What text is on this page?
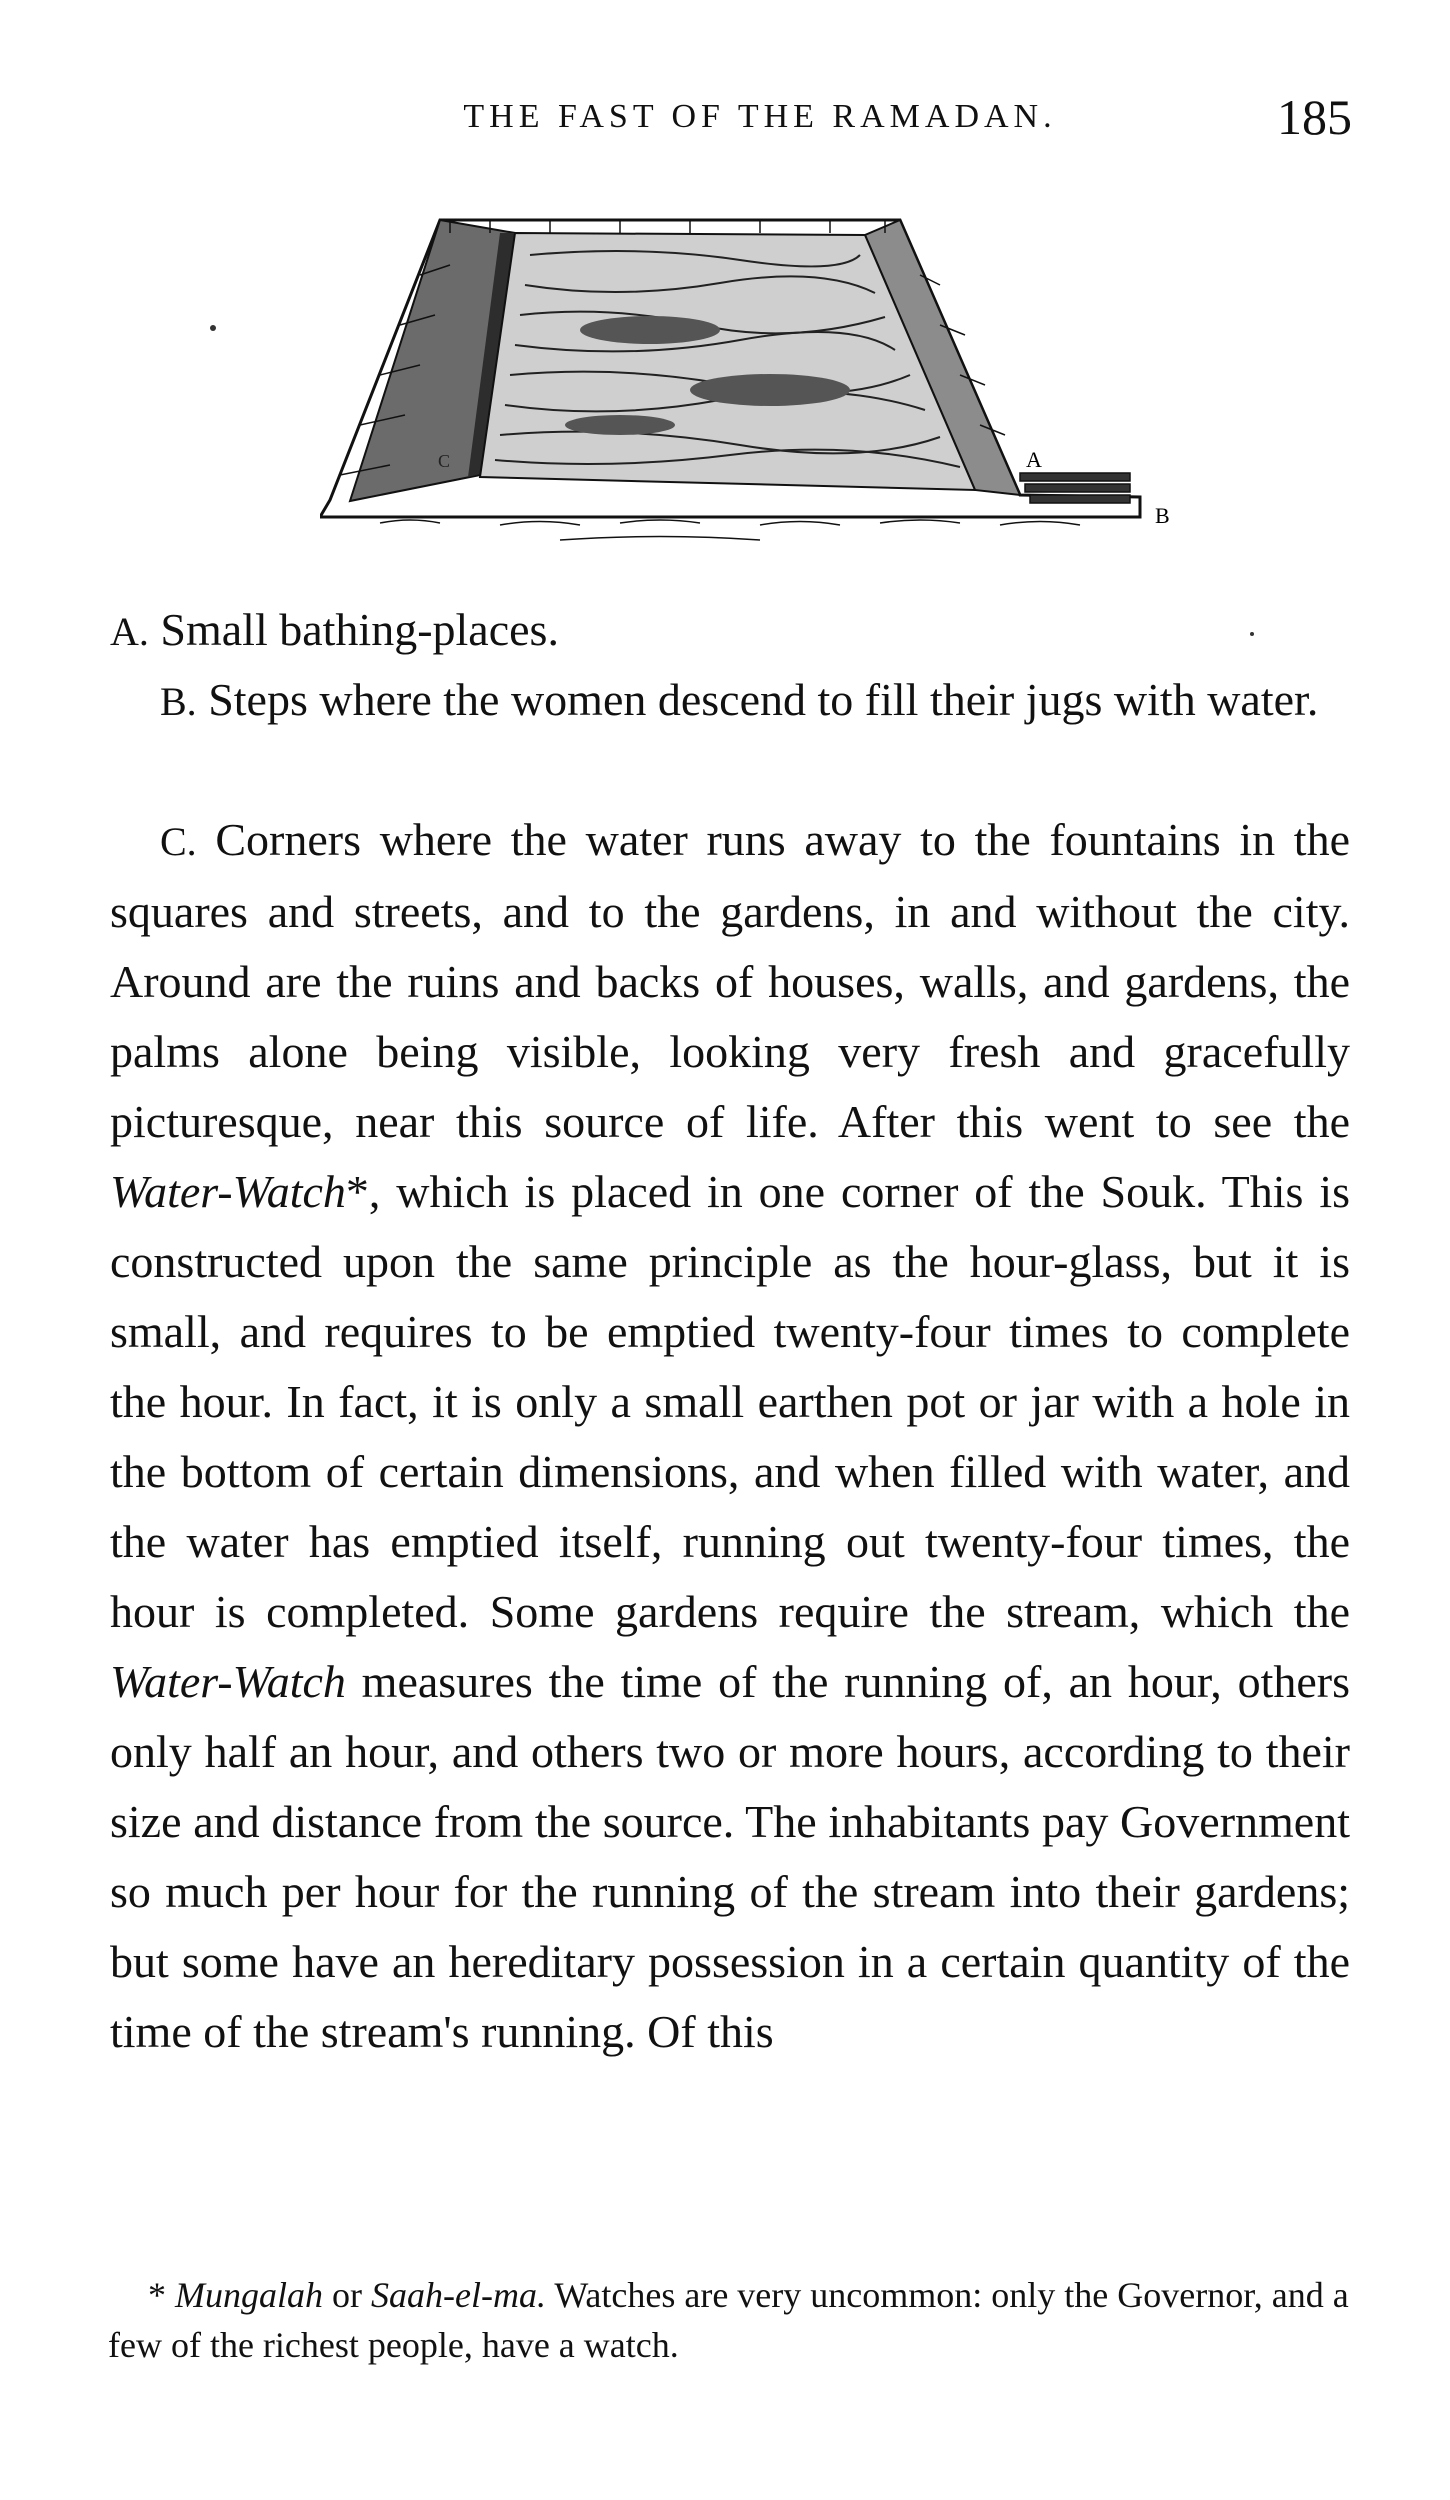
THE FAST OF THE RAMADAN.	185
A
B
C
A. Small bathing-places.
B. Steps where the women descend to fill their jugs with water.
C. Corners where the water runs away to the fountains in the squares and streets, and to the gardens, in and without the city. Around are the ruins and backs of houses, walls, and gardens, the palms alone being visible, looking very fresh and gracefully picturesque, near this source of life. After this went to see the Water-Watch*, which is placed in one corner of the Souk. This is constructed upon the same principle as the hour-glass, but it is small, and requires to be emptied twenty-four times to complete the hour. In fact, it is only a small earthen pot or jar with a hole in the bottom of certain dimensions, and when filled with water, and the water has emptied itself, running out twenty-four times, the hour is completed. Some gardens require the stream, which the Water-Watch measures the time of the running of, an hour, others only half an hour, and others two or more hours, according to their size and distance from the source. The inhabitants pay Government so much per hour for the running of the stream into their gardens; but some have an hereditary possession in a certain quantity of the time of the stream's running. Of this
* Mungalah or Saah-el-ma. Watches are very uncommon: only the Governor, and a few of the richest people, have a watch.
